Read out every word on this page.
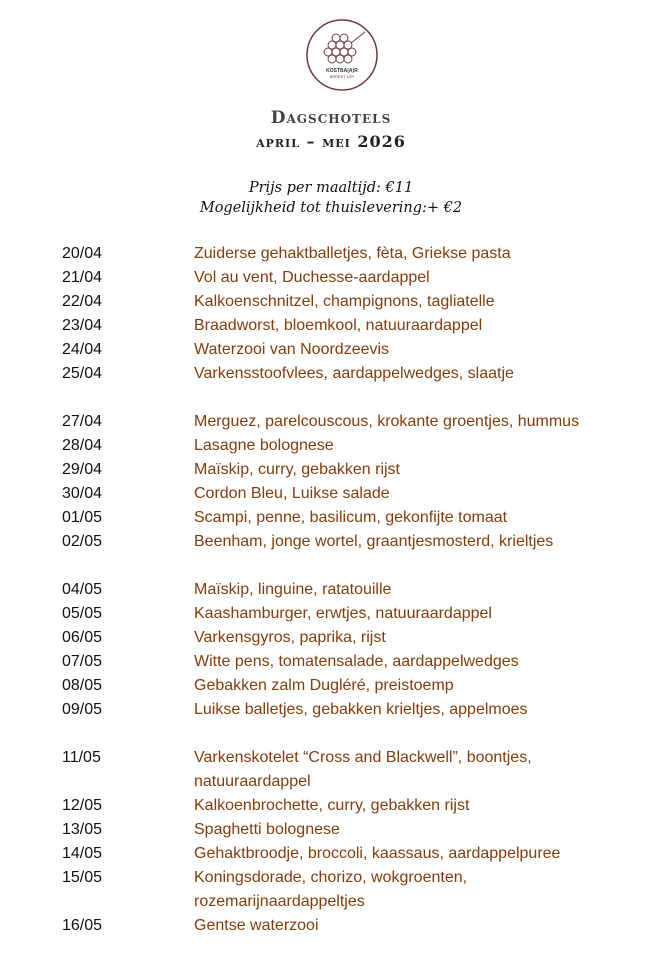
KOSTBA(A)R
BREEKT UIT!
Dagschotels
april – mei 2026
Prijs per maaltijd: €11
Mogelijkheid tot thuislevering:+ €2
20/04	Zuiderse gehaktballetjes, fèta, Griekse pasta
21/04	Vol au vent, Duchesse-aardappel
22/04	Kalkoenschnitzel, champignons, tagliatelle
23/04	Braadworst, bloemkool, natuuraardappel
24/04	Waterzooi van Noordzeevis
25/04	Varkensstoofvlees, aardappelwedges, slaatje
27/04	Merguez, parelcouscous, krokante groentjes, hummus
28/04	Lasagne bolognese
29/04	Maïskip, curry, gebakken rijst
30/04	Cordon Bleu, Luikse salade
01/05	Scampi, penne, basilicum, gekonfijte tomaat
02/05	Beenham, jonge wortel, graantjesmosterd, krieltjes
04/05	Maïskip, linguine, ratatouille
05/05	Kaashamburger, erwtjes, natuuraardappel
06/05	Varkensgyros, paprika, rijst
07/05	Witte pens, tomatensalade, aardappelwedges
08/05	Gebakken zalm Dugléré, preistoemp
09/05	Luikse balletjes, gebakken krieltjes, appelmoes
11/05	Varkenskotelet “Cross and Blackwell”, boontjes, natuuraardappel
12/05	Kalkoenbrochette, curry, gebakken rijst
13/05	Spaghetti bolognese
14/05	Gehaktbroodje, broccoli, kaassaus, aardappelpuree
15/05	Koningsdorade, chorizo, wokgroenten, rozemarijnaardappeltjes
16/05	Gentse waterzooi
